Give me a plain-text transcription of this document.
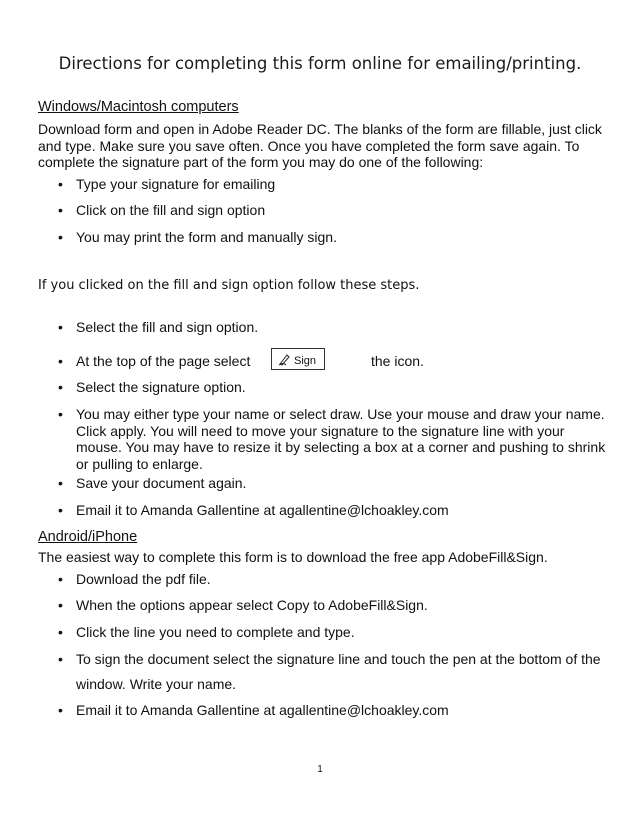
Directions for completing this form online for emailing/printing.
Windows/Macintosh computers
Download form and open in Adobe Reader DC. The blanks of the form are fillable, just click and type. Make sure you save often. Once you have completed the form save again. To complete the signature part of the form you may do one of the following:
• Type your signature for emailing
• Click on the fill and sign option
• You may print the form and manually sign.
If you clicked on the fill and sign option follow these steps.
• Select the fill and sign option.
• At the top of the page select	Sign	the icon.
• Select the signature option.
• You may either type your name or select draw. Use your mouse and draw your name. Click apply. You will need to move your signature to the signature line with your mouse. You may have to resize it by selecting a box at a corner and pushing to shrink or pulling to enlarge.
• Save your document again.
• Email it to Amanda Gallentine at agallentine@lchoakley.com
Android/iPhone
The easiest way to complete this form is to download the free app AdobeFill&Sign.
• Download the pdf file.
• When the options appear select Copy to AdobeFill&Sign.
• Click the line you need to complete and type.
• To sign the document select the signature line and touch the pen at the bottom of the
window. Write your name.
• Email it to Amanda Gallentine at agallentine@lchoakley.com
1
